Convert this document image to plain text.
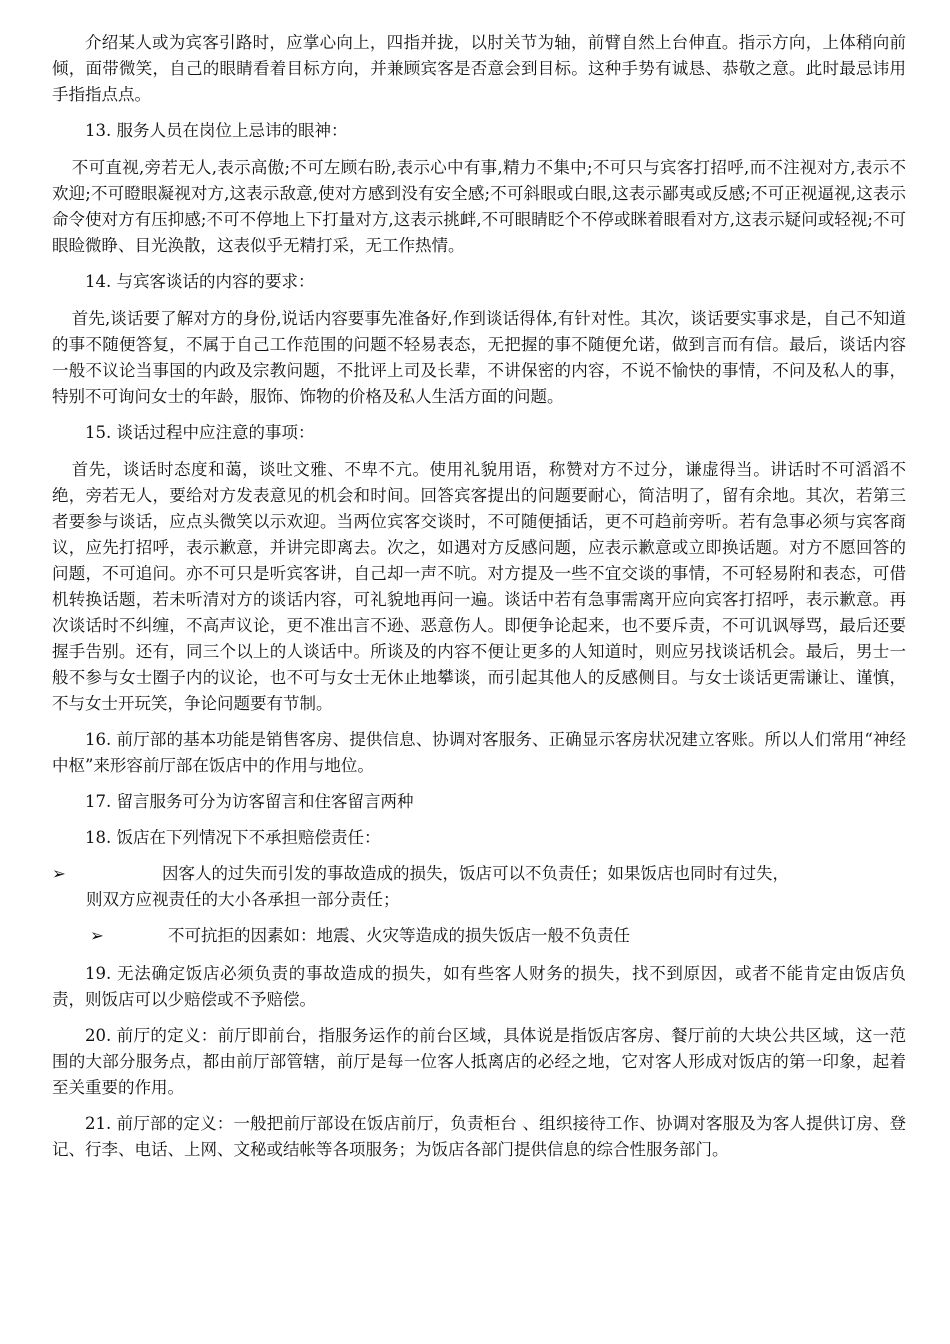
介绍某人或为宾客引路时，应掌心向上，四指并拢，以肘关节为轴，前臂自然上台伸直。指示方向，上体稍向前倾，面带微笑，自己的眼睛看着目标方向，并兼顾宾客是否意会到目标。这种手势有诚恳、恭敬之意。此时最忌讳用手指指点点。

13. 服务人员在岗位上忌讳的眼神：

不可直视,旁若无人,表示高傲;不可左顾右盼,表示心中有事,精力不集中;不可只与宾客打招呼,而不注视对方,表示不欢迎;不可瞪眼凝视对方,这表示敌意,使对方感到没有安全感;不可斜眼或白眼,这表示鄙夷或反感;不可正视逼视,这表示命令使对方有压抑感;不可不停地上下打量对方,这表示挑衅,不可眼睛眨个不停或眯着眼看对方,这表示疑问或轻视;不可眼睑微睁、目光涣散，这表似乎无精打采，无工作热情。

14. 与宾客谈话的内容的要求：

首先,谈话要了解对方的身份,说话内容要事先准备好,作到谈话得体,有针对性。其次，谈话要实事求是，自己不知道的事不随便答复，不属于自己工作范围的问题不轻易表态，无把握的事不随便允诺，做到言而有信。最后，谈话内容一般不议论当事国的内政及宗教问题，不批评上司及长辈，不讲保密的内容，不说不愉快的事情，不问及私人的事，特别不可询问女士的年龄，服饰、饰物的价格及私人生活方面的问题。

15. 谈话过程中应注意的事项：

首先，谈话时态度和蔼，谈吐文雅、不卑不亢。使用礼貌用语，称赞对方不过分，谦虚得当。讲话时不可滔滔不绝，旁若无人，要给对方发表意见的机会和时间。回答宾客提出的问题要耐心，简洁明了，留有余地。其次，若第三者要参与谈话，应点头微笑以示欢迎。当两位宾客交谈时，不可随便插话，更不可趋前旁听。若有急事必须与宾客商议，应先打招呼，表示歉意，并讲完即离去。次之，如遇对方反感问题，应表示歉意或立即换话题。对方不愿回答的问题，不可追问。亦不可只是听宾客讲，自己却一声不吭。对方提及一些不宜交谈的事情，不可轻易附和表态，可借机转换话题，若未听清对方的谈话内容，可礼貌地再问一遍。谈话中若有急事需离开应向宾客打招呼，表示歉意。再次谈话时不纠缠，不高声议论，更不准出言不逊、恶意伤人。即便争论起来，也不要斥责，不可讥讽辱骂，最后还要握手告别。还有，同三个以上的人谈话中。所谈及的内容不便让更多的人知道时，则应另找谈话机会。最后，男士一般不参与女士圈子内的议论，也不可与女士无休止地攀谈，而引起其他人的反感侧目。与女士谈话更需谦让、谨慎，不与女士开玩笑，争论问题要有节制。

16. 前厅部的基本功能是销售客房、提供信息、协调对客服务、正确显示客房状况建立客账。所以人们常用“神经中枢”来形容前厅部在饭店中的作用与地位。

17. 留言服务可分为访客留言和住客留言两种

18. 饭店在下列情况下不承担赔偿责任：

➢	因客人的过失而引发的事故造成的损失，饭店可以不负责任；如果饭店也同时有过失，
则双方应视责任的大小各承担一部分责任；
➢	不可抗拒的因素如：地震、火灾等造成的损失饭店一般不负责任

19. 无法确定饭店必须负责的事故造成的损失，如有些客人财务的损失，找不到原因，或者不能肯定由饭店负责，则饭店可以少赔偿或不予赔偿。

20. 前厅的定义：前厅即前台，指服务运作的前台区域，具体说是指饭店客房、餐厅前的大块公共区域，这一范围的大部分服务点，都由前厅部管辖，前厅是每一位客人抵离店的必经之地，它对客人形成对饭店的第一印象，起着至关重要的作用。

21. 前厅部的定义：一般把前厅部设在饭店前厅，负责柜台 、组织接待工作、协调对客服及为客人提供订房、登记、行李、电话、上网、文秘或结帐等各项服务；为饭店各部门提供信息的综合性服务部门。
